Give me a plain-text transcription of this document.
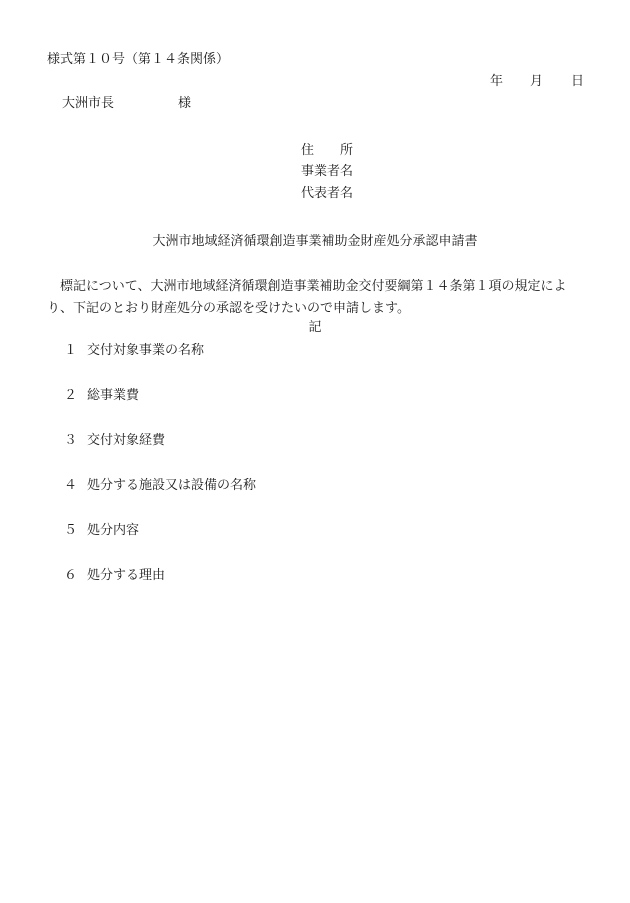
様式第１０号（第１４条関係）
年 月 日
大洲市長	様
住 所
事業者名
代表者名
大洲市地域経済循環創造事業補助金財産処分承認申請書
　標記について、大洲市地域経済循環創造事業補助金交付要綱第１４条第１項の規定により、下記のとおり財産処分の承認を受けたいので申請します。
記
１ 交付対象事業の名称
２ 総事業費
３ 交付対象経費
４ 処分する施設又は設備の名称
５ 処分内容
６ 処分する理由
